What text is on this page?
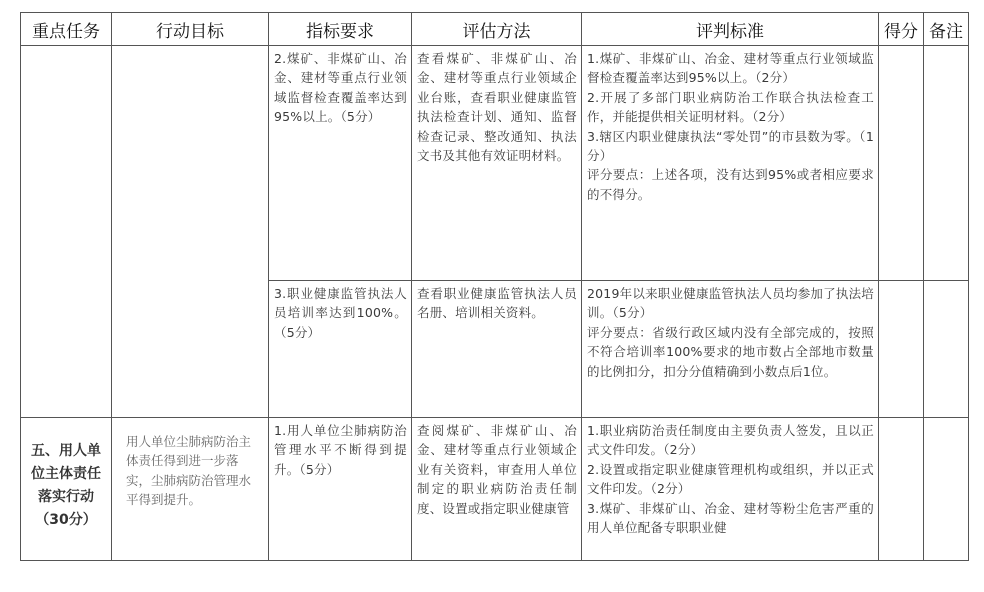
重点任务	行动目标	指标要求	评估方法	评判标准	得分	备注

		2.煤矿、非煤矿山、冶金、建材等重点行业领域监督检查覆盖率达到95%以上。（5分）	查看煤矿、非煤矿山、冶金、建材等重点行业领域企业台账，查看职业健康监管执法检查计划、通知、监督检查记录、整改通知、执法文书及其他有效证明材料。	1.煤矿、非煤矿山、冶金、建材等重点行业领域监督检查覆盖率达到95%以上。（2分）
2.开展了多部门职业病防治工作联合执法检查工作，并能提供相关证明材料。（2分）
3.辖区内职业健康执法“零处罚”的市县数为零。（1分）
评分要点：上述各项，没有达到95%或者相应要求的不得分。		

		3.职业健康监管执法人员培训率达到100%。（5分）	查看职业健康监管执法人员名册、培训相关资料。	2019年以来职业健康监管执法人员均参加了执法培训。（5分）
评分要点：省级行政区域内没有全部完成的，按照不符合培训率100%要求的地市数占全部地市数量的比例扣分，扣分分值精确到小数点后1位。		

五、用人单位主体责任落实行动（30分）	用人单位尘肺病防治主体责任得到进一步落实，尘肺病防治管理水平得到提升。	1.用人单位尘肺病防治管理水平不断得到提升。（5分）	查阅煤矿、非煤矿山、冶金、建材等重点行业领域企业有关资料，审查用人单位制定的职业病防治责任制度、设置或指定职业健康管	1.职业病防治责任制度由主要负责人签发，且以正式文件印发。（2分）
2.设置或指定职业健康管理机构或组织，并以正式文件印发。（2分）
3.煤矿、非煤矿山、冶金、建材等粉尘危害严重的用人单位配备专职职业健		
